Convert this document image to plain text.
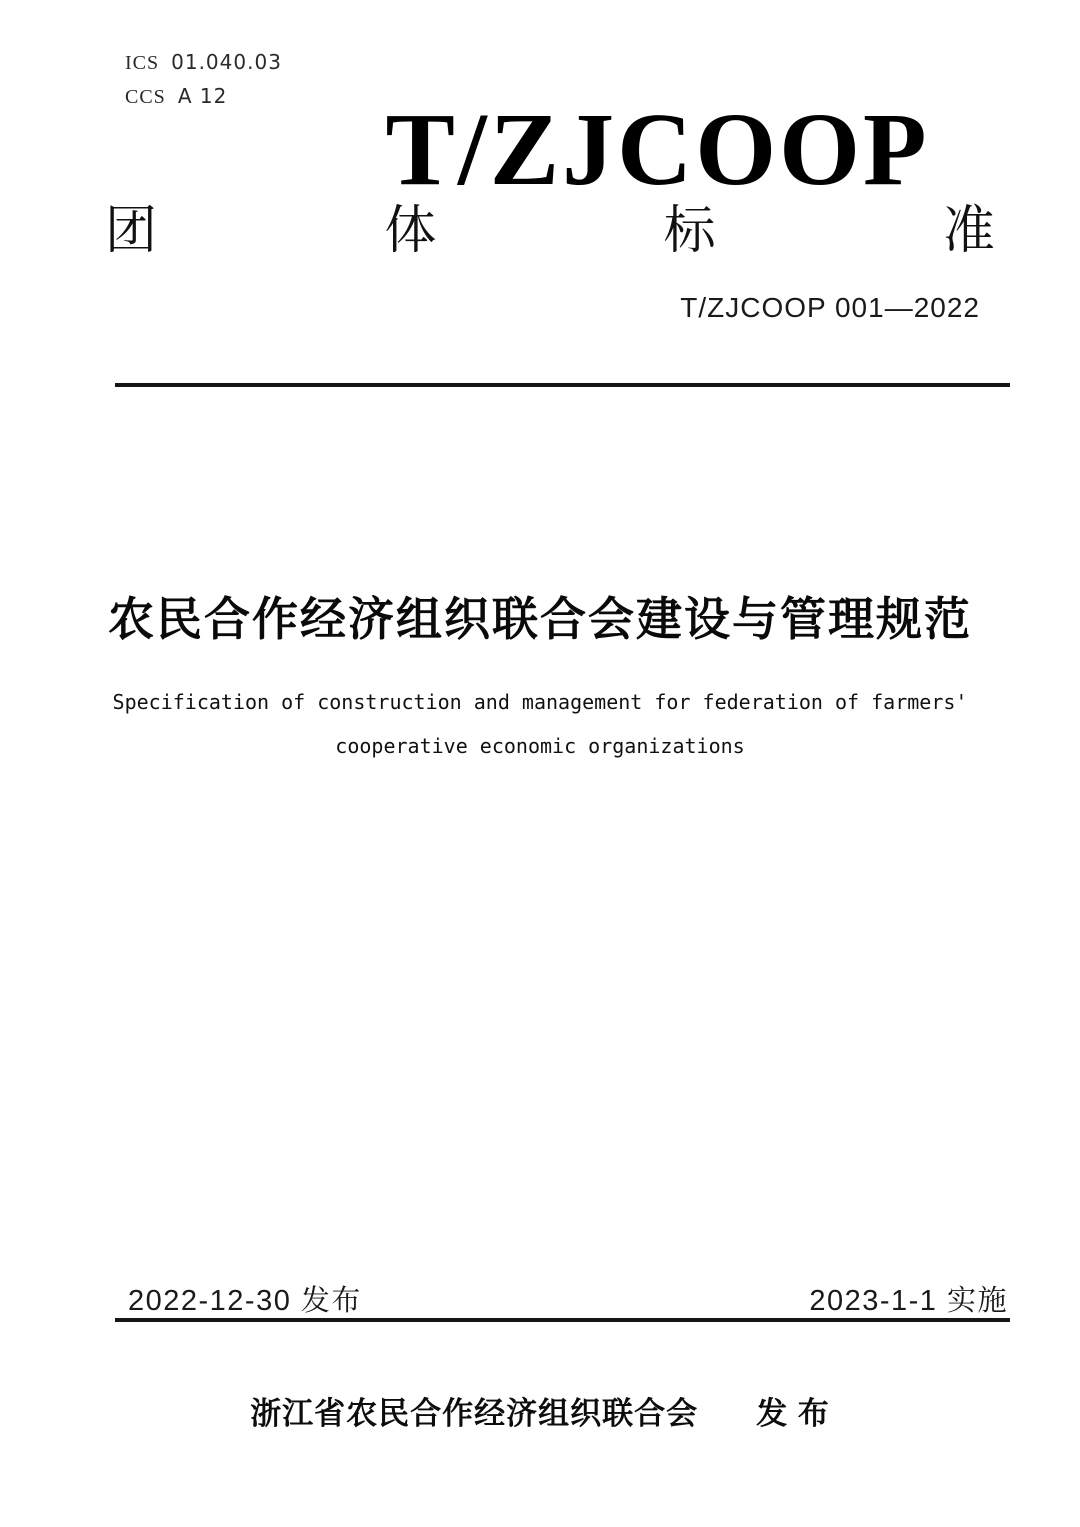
ICS 01.040.03
CCS A 12	T/ZJCOOP
团	体	标	准
T/ZJCOOP 001—2022
农民合作经济组织联合会建设与管理规范
Specification of construction and management for federation of farmers'
cooperative economic organizations
2022-12-30 发布	2023-1-1 实施
浙江省农民合作经济组织联合会 发 布
